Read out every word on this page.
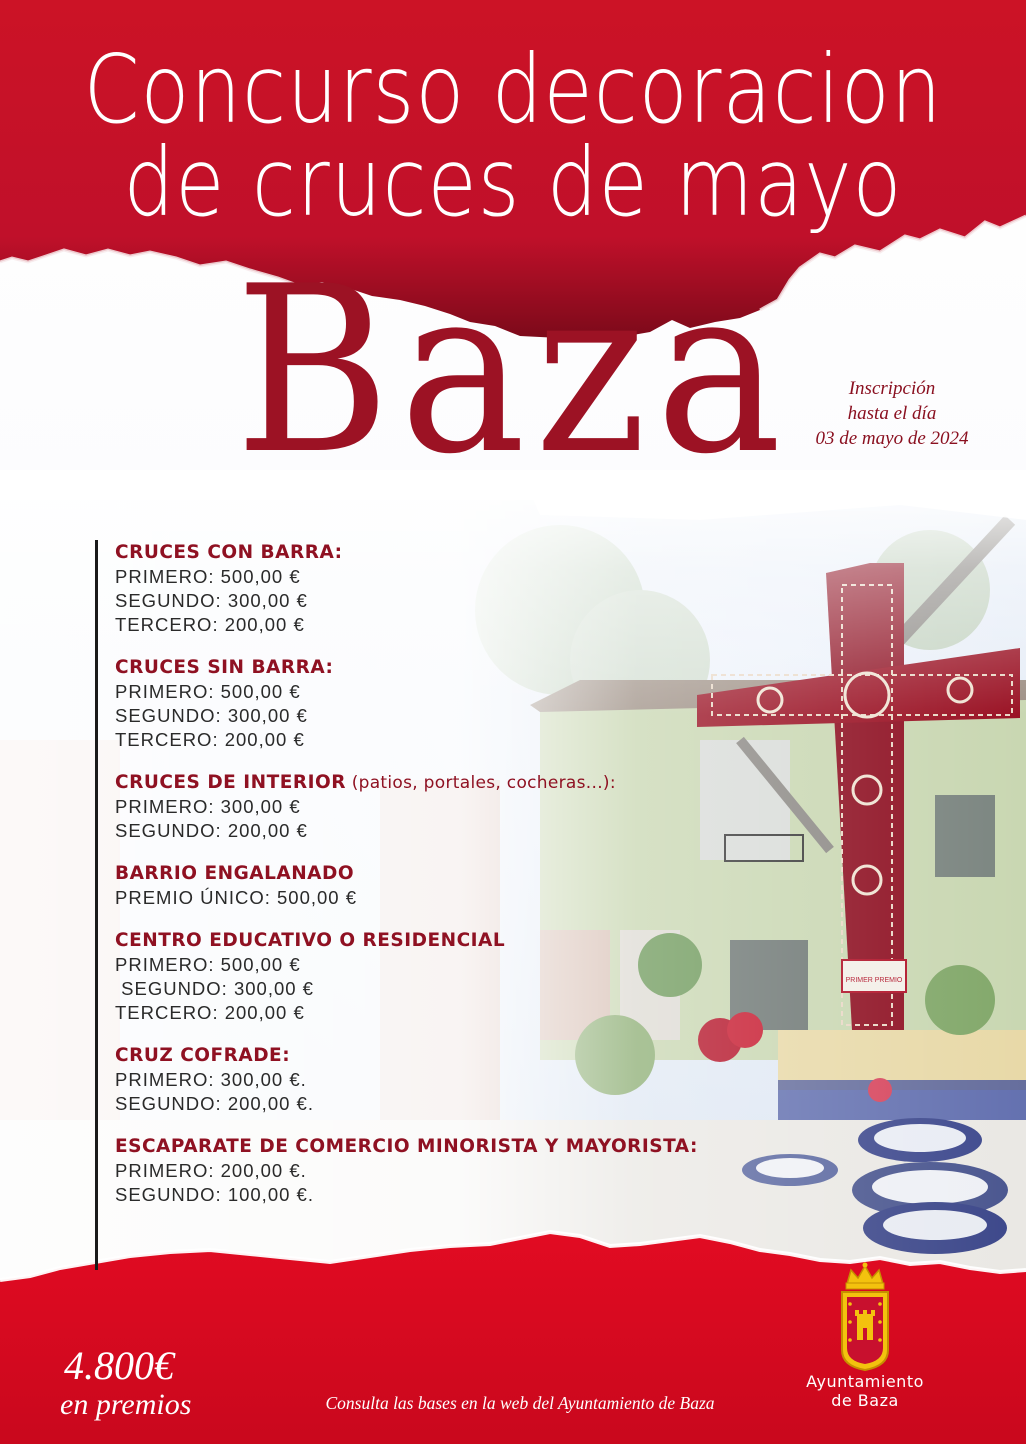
Concurso decoracion
de cruces de mayo
Baza	Inscripción
hasta el día
03 de mayo de 2024
CRUCES CON BARRA:
PRIMERO: 500,00 €
SEGUNDO: 300,00 €
TERCERO: 200,00 €
CRUCES SIN BARRA:
PRIMERO: 500,00 €
SEGUNDO: 300,00 €
TERCERO: 200,00 €
CRUCES DE INTERIOR (patios, portales, cocheras...):
PRIMERO: 300,00 €
SEGUNDO: 200,00 €
BARRIO ENGALANADO
PREMIO ÚNICO: 500,00 €
CENTRO EDUCATIVO O RESIDENCIAL
PRIMERO: 500,00 €
SEGUNDO: 300,00 €
TERCERO: 200,00 €
CRUZ COFRADE:
PRIMERO: 300,00 €.
SEGUNDO: 200,00 €.
ESCAPARATE DE COMERCIO MINORISTA Y MAYORISTA:
PRIMERO: 200,00 €.
SEGUNDO: 100,00 €.
4.800€
en premios	Consulta las bases en la web del Ayuntamiento de Baza
Ayuntamiento
de Baza
